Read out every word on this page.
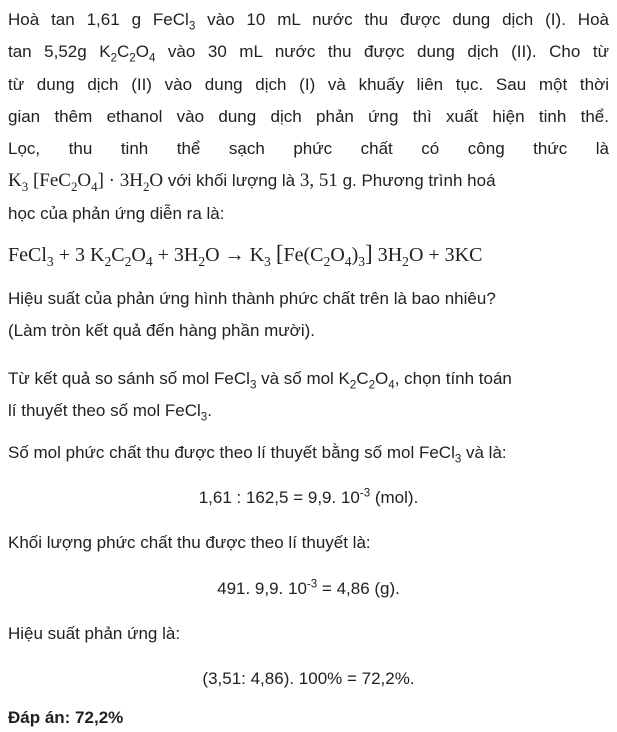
Hoà tan 1,61 g FeCl$_3$ vào 10 mL nước thu được dung dịch (I). Hoà
tan 5,52g $K_2C_2O_4$ vào 30 mL nước thu được dung dịch (II). Cho từ
từ dung dịch (II) vào dung dịch (I) và khuấy liên tục. Sau một thời
gian thêm ethanol vào dung dịch phản ứng thì xuất hiện tinh thể.
Lọc, thu tinh thể sạch phức chất có công thức là
$K_3$ $[FeC_2O_4] \cdot 3H_2O$ với khối lượng là 3, 51 g. Phương trình hoá
học của phản ứng diễn ra là:
FeCl$_3$ + 3 $K_2C_2O_4 + 3H_2O \to K_3$ $[Fe(C_2O_4)_3] 3H_2O + 3KC$
Hiệu suất của phản ứng hình thành phức chất trên là bao nhiêu?
(Làm tròn kết quả đến hàng phần mười).
Từ kết quả so sánh số mol FeCl$_3$ và số mol $K_2C_2O_4$, chọn tính toán
lí thuyết theo số mol FeCl$_3$.
Số mol phức chất thu được theo lí thuyết bằng số mol FeCl$_3$ và là:
1,61 : 162,5 = 9,9. $10^{-3}$ (mol).
Khối lượng phức chất thu được theo lí thuyết là:
491. 9,9. $10^{-3} = 4,86$ (g).
Hiệu suất phản ứng là:
(3,51: 4,86). 100% = 72,2%.
Đáp án: 72,2%
